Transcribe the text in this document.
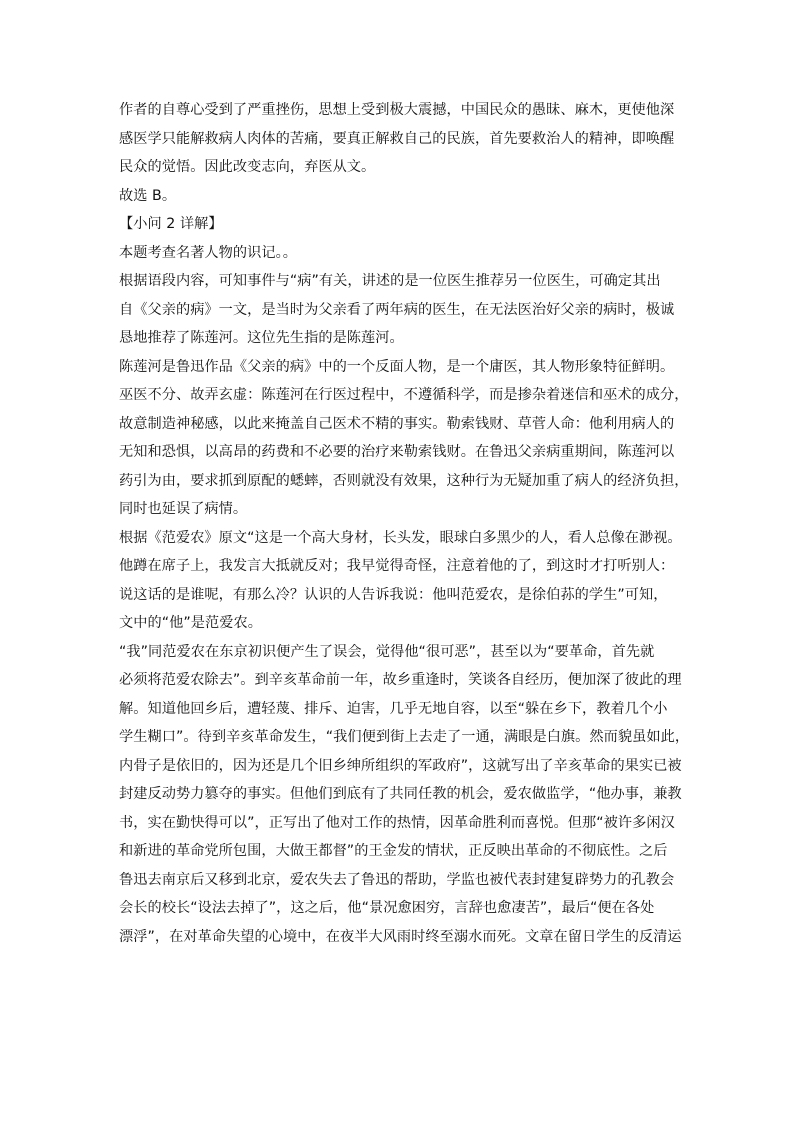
作者的自尊心受到了严重挫伤，思想上受到极大震撼，中国民众的愚昧、麻木，更使他深
感医学只能解救病人肉体的苦痛，要真正解救自己的民族，首先要救治人的精神，即唤醒
民众的觉悟。因此改变志向，弃医从文。
故选 B。
【小问 2 详解】
本题考查名著人物的识记。。
根据语段内容，可知事件与“病”有关，讲述的是一位医生推荐另一位医生，可确定其出
自《父亲的病》一文，是当时为父亲看了两年病的医生，在无法医治好父亲的病时，极诚
恳地推荐了陈莲河。这位先生指的是陈莲河。
陈莲河是鲁迅作品《父亲的病》中的一个反面人物，是一个庸医，其人物形象特征鲜明。
巫医不分、故弄玄虚：陈莲河在行医过程中，不遵循科学，而是掺杂着迷信和巫术的成分，
故意制造神秘感，以此来掩盖自己医术不精的事实。勒索钱财、草菅人命：他利用病人的
无知和恐惧，以高昂的药费和不必要的治疗来勒索钱财。在鲁迅父亲病重期间，陈莲河以
药引为由，要求抓到原配的蟋蟀，否则就没有效果，这种行为无疑加重了病人的经济负担，
同时也延误了病情。
根据《范爱农》原文“这是一个高大身材，长头发，眼球白多黑少的人，看人总像在渺视。
他蹲在席子上，我发言大抵就反对；我早觉得奇怪，注意着他的了，到这时才打听别人：
说这话的是谁呢，有那么冷？认识的人告诉我说：他叫范爱农，是徐伯荪的学生”可知，
文中的“他”是范爱农。
“我”同范爱农在东京初识便产生了误会，觉得他“很可恶”，甚至以为“要革命，首先就
必须将范爱农除去”。到辛亥革命前一年，故乡重逢时，笑谈各自经历，便加深了彼此的理
解。知道他回乡后，遭轻蔑、排斥、迫害，几乎无地自容，以至“躲在乡下，教着几个小
学生糊口”。待到辛亥革命发生，“我们便到街上去走了一通，满眼是白旗。然而貌虽如此，
内骨子是依旧的，因为还是几个旧乡绅所组织的军政府”，这就写出了辛亥革命的果实已被
封建反动势力篡夺的事实。但他们到底有了共同任教的机会，爱农做监学，“他办事，兼教
书，实在勤快得可以”，正写出了他对工作的热情，因革命胜利而喜悦。但那“被许多闲汉
和新进的革命党所包围，大做王都督”的王金发的情状，正反映出革命的不彻底性。之后
鲁迅去南京后又移到北京，爱农失去了鲁迅的帮助，学监也被代表封建复辟势力的孔教会
会长的校长“设法去掉了”，这之后，他“景况愈困穷，言辞也愈凄苦”，最后“便在各处
漂浮”，在对革命失望的心境中，在夜半大风雨时终至溺水而死。文章在留日学生的反清运
